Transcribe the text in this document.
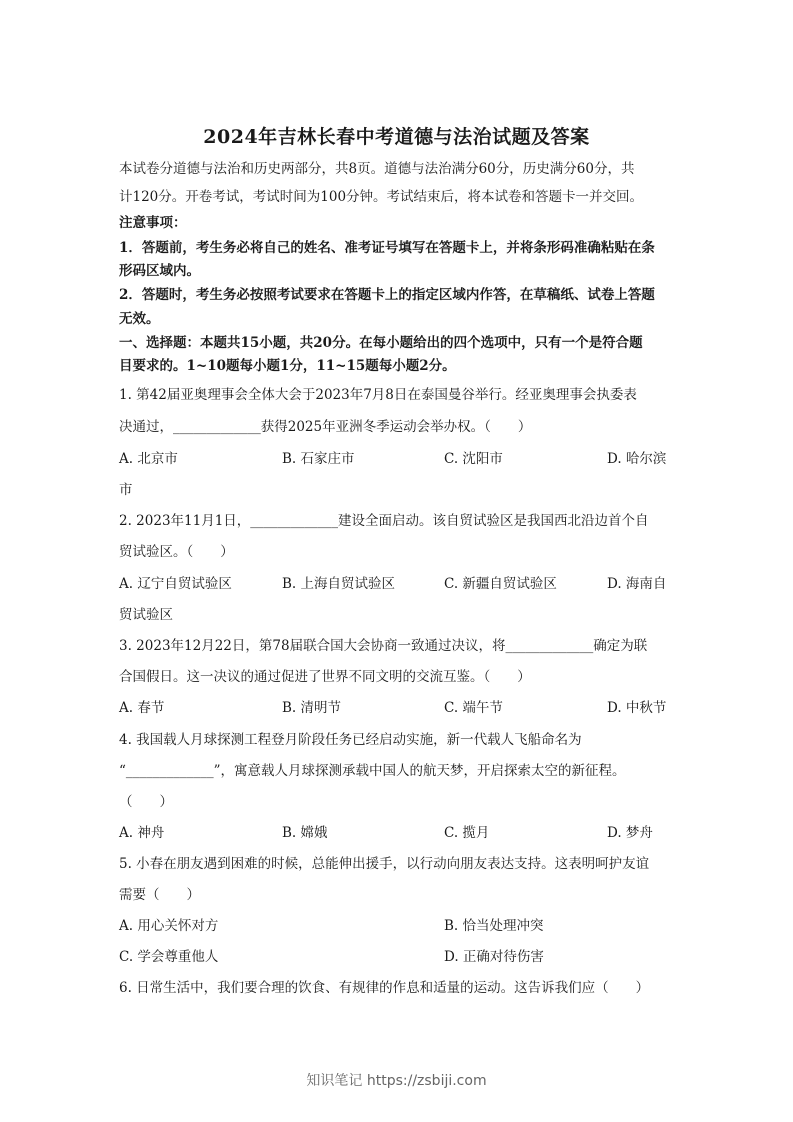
2024年吉林长春中考道德与法治试题及答案
本试卷分道德与法治和历史两部分，共8页。道德与法治满分60分，历史满分60分，共
计120分。开卷考试，考试时间为100分钟。考试结束后，将本试卷和答题卡一并交回。
注意事项：
1．答题前，考生务必将自己的姓名、准考证号填写在答题卡上，并将条形码准确粘贴在条
形码区域内。
2．答题时，考生务必按照考试要求在答题卡上的指定区域内作答，在草稿纸、试卷上答题
无效。
一、选择题：本题共15小题，共20分。在每小题给出的四个选项中，只有一个是符合题
目要求的。1~10题每小题1分，11~15题每小题2分。
1. 第42届亚奥理事会全体大会于2023年7月8日在泰国曼谷举行。经亚奥理事会执委表
决通过，_____________获得2025年亚洲冬季运动会举办权。（　　）
A. 北京市	B. 石家庄市	C. 沈阳市	D. 哈尔滨
市
2. 2023年11月1日，_____________建设全面启动。该自贸试验区是我国西北沿边首个自
贸试验区。（　　）
A. 辽宁自贸试验区	B. 上海自贸试验区	C. 新疆自贸试验区	D. 海南自
贸试验区
3. 2023年12月22日，第78届联合国大会协商一致通过决议，将_____________确定为联
合国假日。这一决议的通过促进了世界不同文明的交流互鉴。（　　）
A. 春节	B. 清明节	C. 端午节	D. 中秋节
4. 我国载人月球探测工程登月阶段任务已经启动实施，新一代载人飞船命名为
“_____________”，寓意载人月球探测承载中国人的航天梦，开启探索太空的新征程。
（　　）
A. 神舟	B. 嫦娥	C. 揽月	D. 梦舟
5. 小春在朋友遇到困难的时候，总能伸出援手，以行动向朋友表达支持。这表明呵护友谊
需要（　　）
A. 用心关怀对方	B. 恰当处理冲突
C. 学会尊重他人	D. 正确对待伤害
6. 日常生活中，我们要合理的饮食、有规律的作息和适量的运动。这告诉我们应（　　）
知识笔记 https://zsbiji.com
